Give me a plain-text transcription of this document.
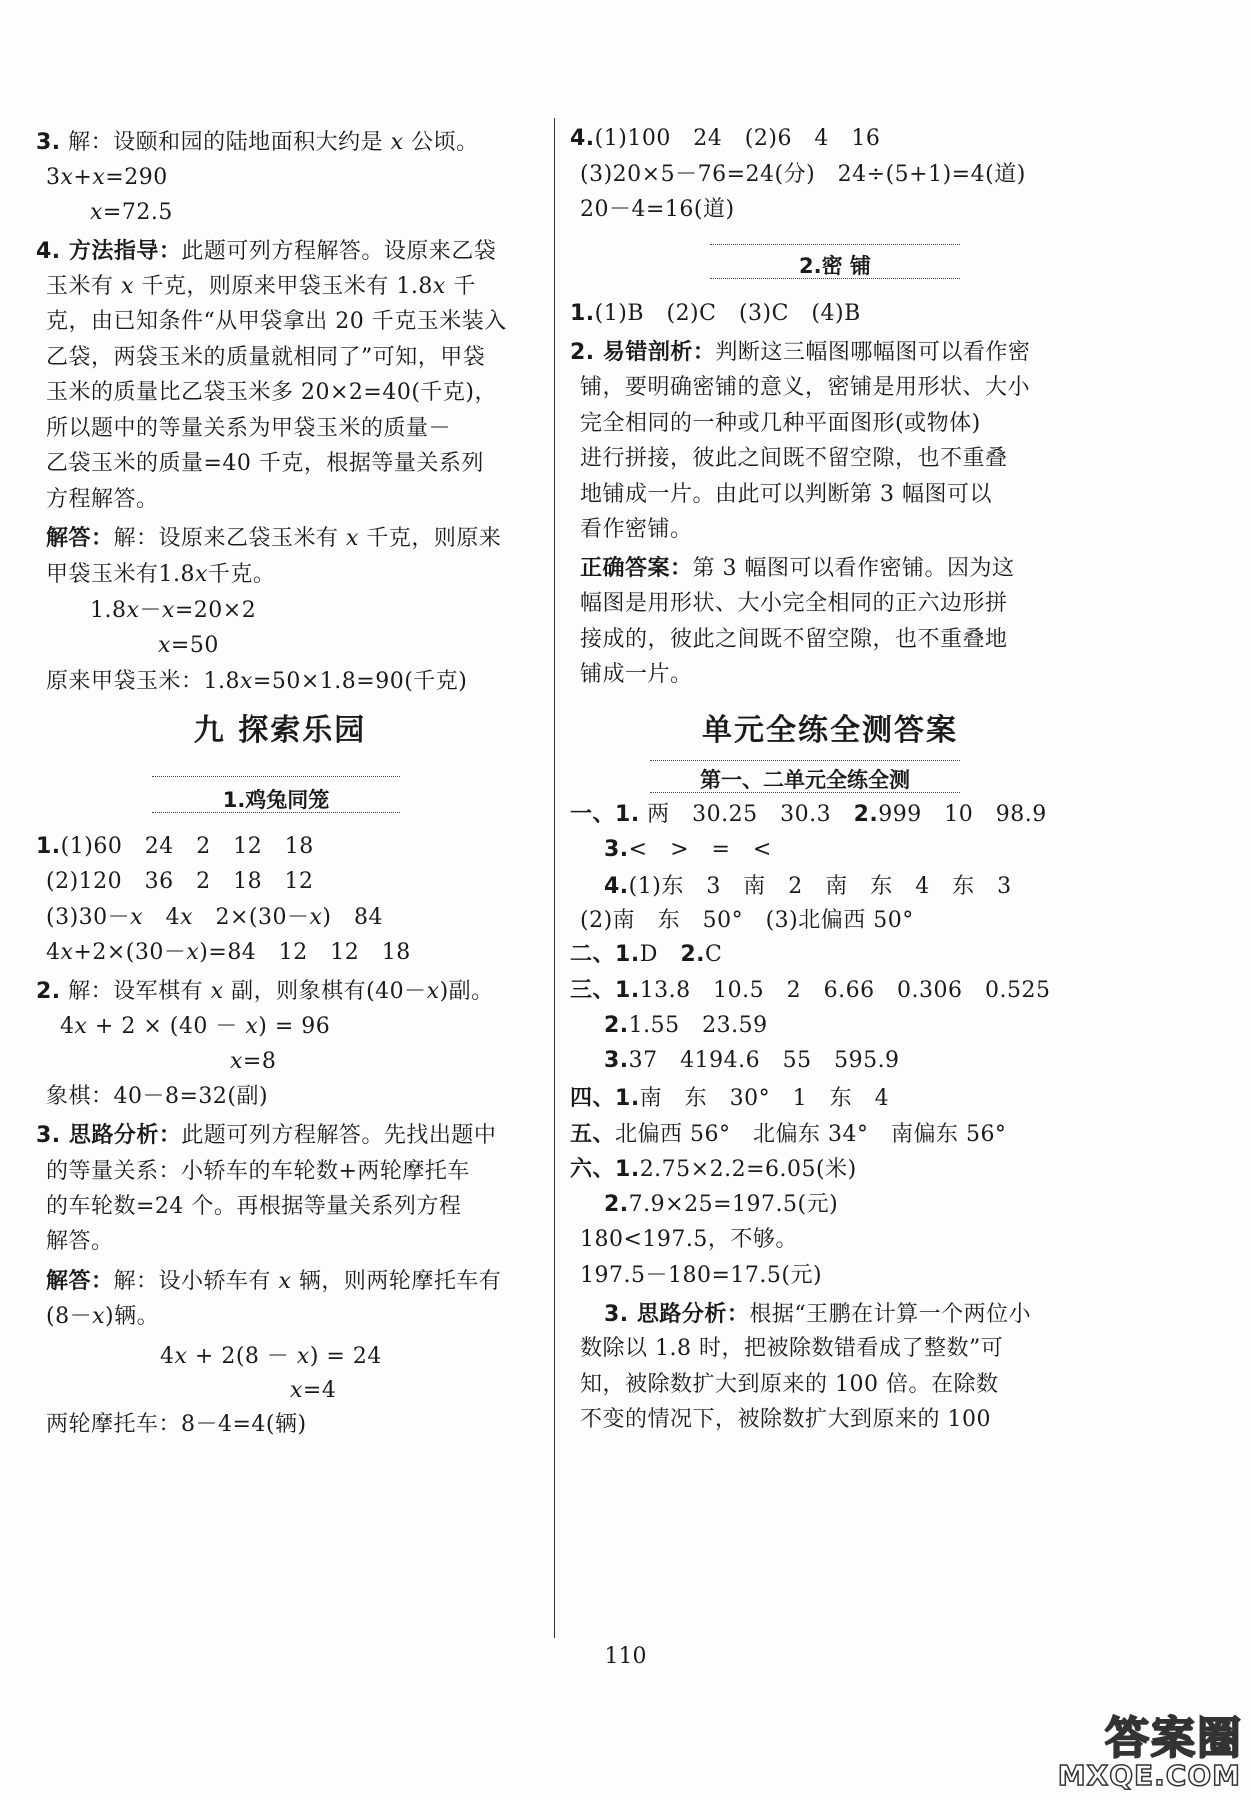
3. 解：设颐和园的陆地面积大约是 x 公顷。
3x+x=290
x=72.5
4. 方法指导：此题可列方程解答。设原来乙袋
玉米有 x 千克，则原来甲袋玉米有 1.8x 千
克，由已知条件“从甲袋拿出 20 千克玉米装入
乙袋，两袋玉米的质量就相同了”可知，甲袋
玉米的质量比乙袋玉米多 20×2=40(千克)，
所以题中的等量关系为甲袋玉米的质量－
乙袋玉米的质量=40 千克，根据等量关系列
方程解答。
解答：解：设原来乙袋玉米有 x 千克，则原来
甲袋玉米有1.8x千克。
1.8x－x=20×2
x=50
原来甲袋玉米：1.8x=50×1.8=90(千克)
九 探索乐园
1.鸡兔同笼
1.(1)60   24   2   12   18
(2)120   36   2   18   12
(3)30－x   4x   2×(30－x)   84
4x+2×(30－x)=84   12   12   18
2. 解：设军棋有 x 副，则象棋有(40－x)副。
4x + 2 × (40 － x) = 96
x=8
象棋：40－8=32(副)
3. 思路分析：此题可列方程解答。先找出题中
的等量关系：小轿车的车轮数+两轮摩托车
的车轮数=24 个。再根据等量关系列方程
解答。
解答：解：设小轿车有 x 辆，则两轮摩托车有
(8－x)辆。
4x + 2(8 － x) = 24
x=4
两轮摩托车：8－4=4(辆)
4.(1)100   24   (2)6   4   16
(3)20×5－76=24(分)   24÷(5+1)=4(道)
20－4=16(道)
2.密 铺
1.(1)B   (2)C   (3)C   (4)B
2. 易错剖析：判断这三幅图哪幅图可以看作密
铺，要明确密铺的意义，密铺是用形状、大小
完全相同的一种或几种平面图形(或物体)
进行拼接，彼此之间既不留空隙，也不重叠
地铺成一片。由此可以判断第 3 幅图可以
看作密铺。
正确答案：第 3 幅图可以看作密铺。因为这
幅图是用形状、大小完全相同的正六边形拼
接成的，彼此之间既不留空隙，也不重叠地
铺成一片。
单元全练全测答案
第一、二单元全练全测
一、1. 两   30.25   30.3   2.999   10   98.9
3.<   >   =   <
4.(1)东   3   南   2   南   东   4   东   3
(2)南   东   50°   (3)北偏西 50°
二、1.D   2.C
三、1.13.8   10.5   2   6.66   0.306   0.525
2.1.55   23.59
3.37   4194.6   55   595.9
四、1.南   东   30°   1   东   4
五、北偏西 56°   北偏东 34°   南偏东 56°
六、1.2.75×2.2=6.05(米)
2.7.9×25=197.5(元)
180<197.5，不够。
197.5－180=17.5(元)
3. 思路分析：根据“王鹏在计算一个两位小
数除以 1.8 时，把被除数错看成了整数”可
知，被除数扩大到原来的 100 倍。在除数
不变的情况下，被除数扩大到原来的 100
110
答案圈
MXQE.COM
